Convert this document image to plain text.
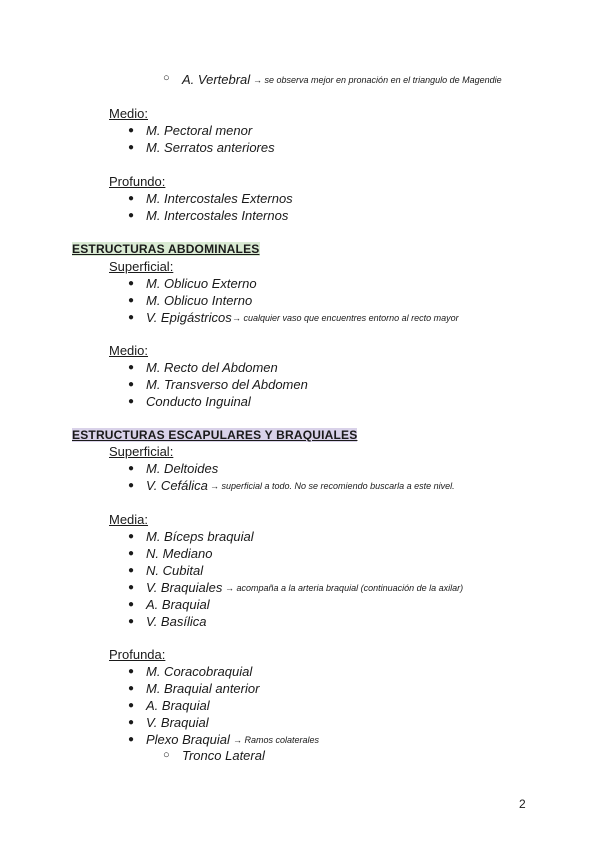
○ A. Vertebral → se observa mejor en pronación en el triangulo de Magendie
Medio:
● M. Pectoral menor
● M. Serratos anteriores
Profundo:
● M. Intercostales Externos
● M. Intercostales Internos
ESTRUCTURAS ABDOMINALES
Superficial:
● M. Oblicuo Externo
● M. Oblicuo Interno
● V. Epigástricos → cualquier vaso que encuentres entorno al recto mayor
Medio:
● M. Recto del Abdomen
● M. Transverso del Abdomen
● Conducto Inguinal
ESTRUCTURAS ESCAPULARES Y BRAQUIALES
Superficial:
● M. Deltoides
● V. Cefálica → superficial a todo. No se recomiendo buscarla a este nivel.
Media:
● M. Bíceps braquial
● N. Mediano
● N. Cubital
● V. Braquiales → acompaña a la arteria braquial (continuación de la axilar)
● A. Braquial
● V. Basílica
Profunda:
● M. Coracobraquial
● M. Braquial anterior
● A. Braquial
● V. Braquial
● Plexo Braquial → Ramos colaterales
○ Tronco Lateral
2
